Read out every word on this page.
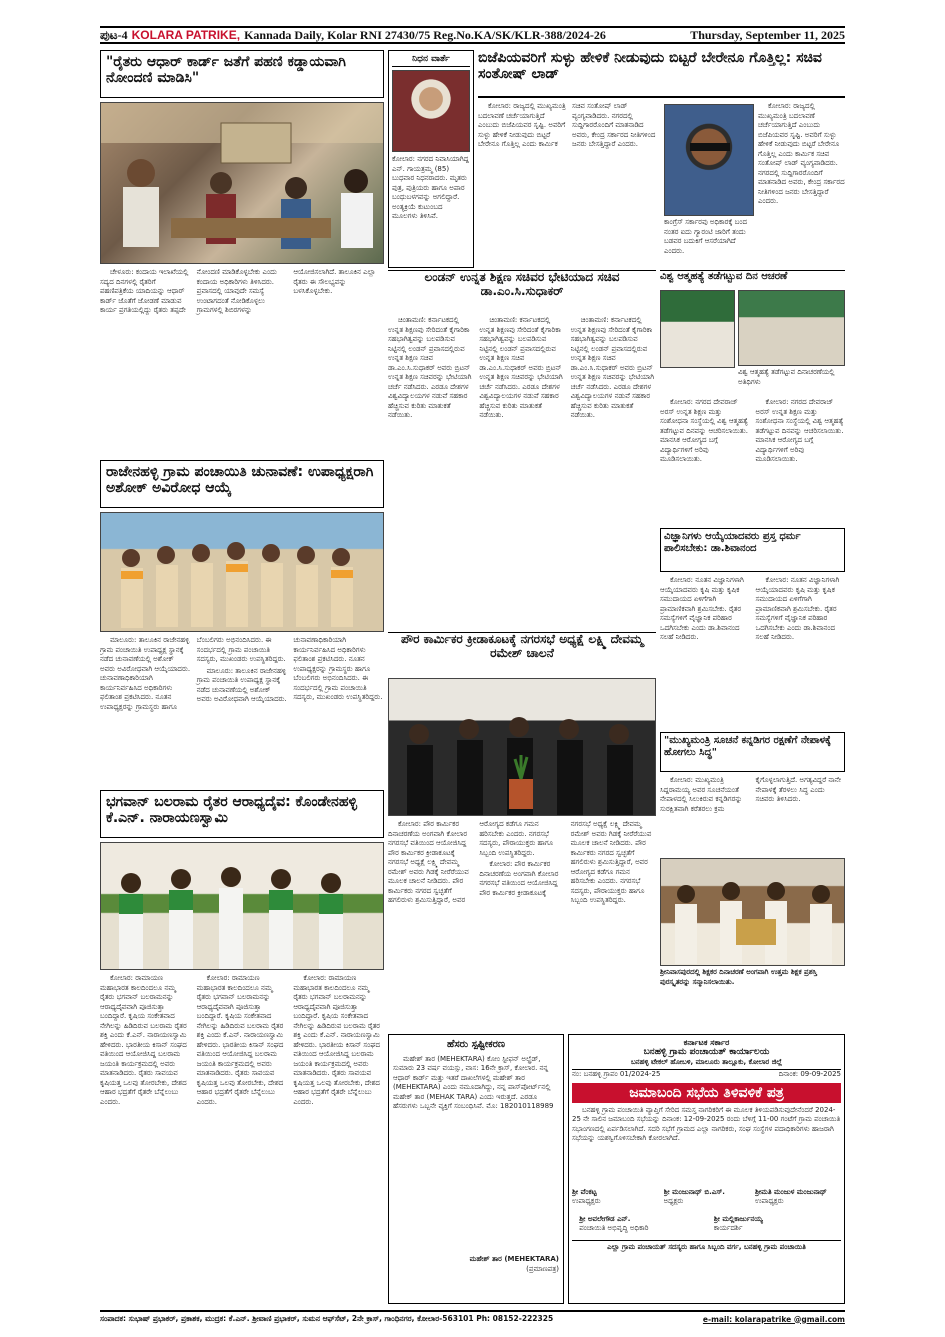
ಪುಟ-4 KOLARA PATRIKE, Kannada Daily, Kolar RNI 27430/75 Reg.No.KA/SK/KLR-388/2024-26	Thursday, September 11, 2025
"ರೈತರು ಆಧಾರ್ ಕಾರ್ಡ್ ಜತೆಗೆ ಪಹಣಿ ಕಡ್ಡಾಯವಾಗಿ ನೋಂದಣಿ ಮಾಡಿಸಿ"

ಚೇಳೂರು: ಕಂದಾಯ ಇಲಾಖೆಯಲ್ಲಿ ಸದ್ಯದ ದಿನಗಳಲ್ಲಿ ರೈತರಿಗೆ ಪಹಣಿಪತ್ರಿಕೆಯ ಯಾದಿಯನ್ನು ಆಧಾರ್ ಕಾರ್ಡ್ ಜೊತೆಗೆ ಜೋಡಣೆ ಮಾಡುವ ಕಾರ್ಯ ಪ್ರಗತಿಯಲ್ಲಿದ್ದು ರೈತರು ತಪ್ಪದೇ ನೋಂದಣಿ ಮಾಡಿಕೊಳ್ಳಬೇಕು ಎಂದು ಕಂದಾಯ ಅಧಿಕಾರಿಗಳು ತಿಳಿಸಿದರು. ಪ್ರವಾಸದಲ್ಲಿ ಯಾವುದೇ ಸಮಸ್ಯೆ ಉಂಟಾಗದಂತೆ ನೋಡಿಕೊಳ್ಳಲು ಗ್ರಾಮಗಳಲ್ಲಿ ಶಿಬಿರಗಳನ್ನು ಆಯೋಜಿಸಲಾಗಿದೆ. ತಾಲೂಕಿನ ಎಲ್ಲಾ ರೈತರು ಈ ಸೌಲಭ್ಯವನ್ನು ಬಳಸಿಕೊಳ್ಳಬೇಕು.

ನಿಧನ ವಾರ್ತೆ
ಕೋಲಾರ: ನಗರದ ನಿವಾಸಿಯಾಗಿದ್ದ ಎನ್. ಗಾಯತ್ರಮ್ಮ (85) ಬುಧವಾರ ನಿಧನರಾದರು. ಮೃತರು ಪುತ್ರ, ಪುತ್ರಿಯರು ಹಾಗೂ ಅಪಾರ ಬಂಧುಬಳಗವನ್ನು ಅಗಲಿದ್ದಾರೆ. ಅಂತ್ಯಕ್ರಿಯೆ ಕುಟುಂಬದ ಮೂಲಗಳು ತಿಳಿಸಿವೆ.
ಬಿಜೆಪಿಯವರಿಗೆ ಸುಳ್ಳು ಹೇಳಿಕೆ ನೀಡುವುದು ಬಿಟ್ಟರೆ ಬೇರೇನೂ ಗೊತ್ತಿಲ್ಲ: ಸಚಿವ ಸಂತೋಷ್ ಲಾಡ್

ಕೋಲಾರ: ರಾಜ್ಯದಲ್ಲಿ ಮುಖ್ಯಮಂತ್ರಿ ಬದಲಾವಣೆ ಚರ್ಚೆಯಾಗುತ್ತಿದೆ ಎಂಬುದು ಬಿಜೆಪಿಯವರ ಸೃಷ್ಟಿ. ಅವರಿಗೆ ಸುಳ್ಳು ಹೇಳಿಕೆ ನೀಡುವುದು ಬಿಟ್ಟರೆ ಬೇರೇನೂ ಗೊತ್ತಿಲ್ಲ ಎಂದು ಕಾರ್ಮಿಕ ಸಚಿವ ಸಂತೋಷ್ ಲಾಡ್ ವ್ಯಂಗ್ಯವಾಡಿದರು. ನಗರದಲ್ಲಿ ಸುದ್ದಿಗಾರರೊಂದಿಗೆ ಮಾತನಾಡಿದ ಅವರು, ಕೇಂದ್ರ ಸರ್ಕಾರದ ನೀತಿಗಳಿಂದ ಜನರು ಬೇಸತ್ತಿದ್ದಾರೆ ಎಂದರು.

ಕಾಂಗ್ರೆಸ್ ಸರ್ಕಾರವು ಅಧಿಕಾರಕ್ಕೆ ಬಂದ ನಂತರ ಐದು ಗ್ಯಾರಂಟಿ ಜಾರಿಗೆ ತಂದು ಬಡವರ ಬದುಕಿಗೆ ಆಸರೆಯಾಗಿದೆ ಎಂದರು.

ಕೋಲಾರ: ರಾಜ್ಯದಲ್ಲಿ ಮುಖ್ಯಮಂತ್ರಿ ಬದಲಾವಣೆ ಚರ್ಚೆಯಾಗುತ್ತಿದೆ ಎಂಬುದು ಬಿಜೆಪಿಯವರ ಸೃಷ್ಟಿ. ಅವರಿಗೆ ಸುಳ್ಳು ಹೇಳಿಕೆ ನೀಡುವುದು ಬಿಟ್ಟರೆ ಬೇರೇನೂ ಗೊತ್ತಿಲ್ಲ ಎಂದು ಕಾರ್ಮಿಕ ಸಚಿವ ಸಂತೋಷ್ ಲಾಡ್ ವ್ಯಂಗ್ಯವಾಡಿದರು. ನಗರದಲ್ಲಿ ಸುದ್ದಿಗಾರರೊಂದಿಗೆ ಮಾತನಾಡಿದ ಅವರು, ಕೇಂದ್ರ ಸರ್ಕಾರದ ನೀತಿಗಳಿಂದ ಜನರು ಬೇಸತ್ತಿದ್ದಾರೆ ಎಂದರು.

ಲಂಡನ್ ಉನ್ನತ ಶಿಕ್ಷಣ ಸಚಿವರ ಭೇಟಿಯಾದ ಸಚಿವ ಡಾ.ಎಂ.ಸಿ.ಸುಧಾಕರ್

ಚಿಂತಾಮಣಿ: ಕರ್ನಾಟಕದಲ್ಲಿ ಉನ್ನತ ಶಿಕ್ಷಣವು ಸೇರಿದಂತೆ ಕೈಗಾರಿಕಾ ಸಹಭಾಗಿತ್ವವನ್ನು ಬಲಪಡಿಸುವ ನಿಟ್ಟಿನಲ್ಲಿ ಲಂಡನ್ ಪ್ರವಾಸದಲ್ಲಿರುವ ಉನ್ನತ ಶಿಕ್ಷಣ ಸಚಿವ ಡಾ.ಎಂ.ಸಿ.ಸುಧಾಕರ್ ಅವರು ಬ್ರಿಟನ್ ಉನ್ನತ ಶಿಕ್ಷಣ ಸಚಿವರನ್ನು ಭೇಟಿಯಾಗಿ ಚರ್ಚೆ ನಡೆಸಿದರು. ಎರಡೂ ದೇಶಗಳ ವಿಶ್ವವಿದ್ಯಾಲಯಗಳ ನಡುವೆ ಸಹಕಾರ ಹೆಚ್ಚಿಸುವ ಕುರಿತು ಮಾತುಕತೆ ನಡೆಯಿತು.

ಚಿಂತಾಮಣಿ: ಕರ್ನಾಟಕದಲ್ಲಿ ಉನ್ನತ ಶಿಕ್ಷಣವು ಸೇರಿದಂತೆ ಕೈಗಾರಿಕಾ ಸಹಭಾಗಿತ್ವವನ್ನು ಬಲಪಡಿಸುವ ನಿಟ್ಟಿನಲ್ಲಿ ಲಂಡನ್ ಪ್ರವಾಸದಲ್ಲಿರುವ ಉನ್ನತ ಶಿಕ್ಷಣ ಸಚಿವ ಡಾ.ಎಂ.ಸಿ.ಸುಧಾಕರ್ ಅವರು ಬ್ರಿಟನ್ ಉನ್ನತ ಶಿಕ್ಷಣ ಸಚಿವರನ್ನು ಭೇಟಿಯಾಗಿ ಚರ್ಚೆ ನಡೆಸಿದರು. ಎರಡೂ ದೇಶಗಳ ವಿಶ್ವವಿದ್ಯಾಲಯಗಳ ನಡುವೆ ಸಹಕಾರ ಹೆಚ್ಚಿಸುವ ಕುರಿತು ಮಾತುಕತೆ ನಡೆಯಿತು.

ಚಿಂತಾಮಣಿ: ಕರ್ನಾಟಕದಲ್ಲಿ ಉನ್ನತ ಶಿಕ್ಷಣವು ಸೇರಿದಂತೆ ಕೈಗಾರಿಕಾ ಸಹಭಾಗಿತ್ವವನ್ನು ಬಲಪಡಿಸುವ ನಿಟ್ಟಿನಲ್ಲಿ ಲಂಡನ್ ಪ್ರವಾಸದಲ್ಲಿರುವ ಉನ್ನತ ಶಿಕ್ಷಣ ಸಚಿವ ಡಾ.ಎಂ.ಸಿ.ಸುಧಾಕರ್ ಅವರು ಬ್ರಿಟನ್ ಉನ್ನತ ಶಿಕ್ಷಣ ಸಚಿವರನ್ನು ಭೇಟಿಯಾಗಿ ಚರ್ಚೆ ನಡೆಸಿದರು. ಎರಡೂ ದೇಶಗಳ ವಿಶ್ವವಿದ್ಯಾಲಯಗಳ ನಡುವೆ ಸಹಕಾರ ಹೆಚ್ಚಿಸುವ ಕುರಿತು ಮಾತುಕತೆ ನಡೆಯಿತು.

ವಿಶ್ವ ಆತ್ಮಹತ್ಯೆ ತಡೆಗಟ್ಟುವ ದಿನ ಆಚರಣೆ
ವಿಶ್ವ ಆತ್ಮಹತ್ಯೆ ತಡೆಗಟ್ಟುವ ದಿನಾಚರಣೆಯಲ್ಲಿ ಅತಿಥಿಗಳು

ಕೋಲಾರ: ನಗರದ ದೇವರಾಜ್ ಅರಸ್ ಉನ್ನತ ಶಿಕ್ಷಣ ಮತ್ತು ಸಂಶೋಧನಾ ಸಂಸ್ಥೆಯಲ್ಲಿ ವಿಶ್ವ ಆತ್ಮಹತ್ಯೆ ತಡೆಗಟ್ಟುವ ದಿನವನ್ನು ಆಚರಿಸಲಾಯಿತು. ಮಾನಸಿಕ ಆರೋಗ್ಯದ ಬಗ್ಗೆ ವಿದ್ಯಾರ್ಥಿಗಳಿಗೆ ಅರಿವು ಮೂಡಿಸಲಾಯಿತು.

ಕೋಲಾರ: ನಗರದ ದೇವರಾಜ್ ಅರಸ್ ಉನ್ನತ ಶಿಕ್ಷಣ ಮತ್ತು ಸಂಶೋಧನಾ ಸಂಸ್ಥೆಯಲ್ಲಿ ವಿಶ್ವ ಆತ್ಮಹತ್ಯೆ ತಡೆಗಟ್ಟುವ ದಿನವನ್ನು ಆಚರಿಸಲಾಯಿತು. ಮಾನಸಿಕ ಆರೋಗ್ಯದ ಬಗ್ಗೆ ವಿದ್ಯಾರ್ಥಿಗಳಿಗೆ ಅರಿವು ಮೂಡಿಸಲಾಯಿತು.

ರಾಜೇನಹಳ್ಳಿ ಗ್ರಾಮ ಪಂಚಾಯಿತಿ ಚುನಾವಣೆ: ಉಪಾಧ್ಯಕ್ಷರಾಗಿ ಅಶೋಕ್ ಅವಿರೋಧ ಆಯ್ಕೆ

ಮಾಲೂರು: ತಾಲೂಕಿನ ರಾಜೇನಹಳ್ಳಿ ಗ್ರಾಮ ಪಂಚಾಯಿತಿ ಉಪಾಧ್ಯಕ್ಷ ಸ್ಥಾನಕ್ಕೆ ನಡೆದ ಚುನಾವಣೆಯಲ್ಲಿ ಅಶೋಕ್ ಅವರು ಅವಿರೋಧವಾಗಿ ಆಯ್ಕೆಯಾದರು. ಚುನಾವಣಾಧಿಕಾರಿಯಾಗಿ ಕಾರ್ಯನಿರ್ವಹಿಸಿದ ಅಧಿಕಾರಿಗಳು ಫಲಿತಾಂಶ ಪ್ರಕಟಿಸಿದರು. ನೂತನ ಉಪಾಧ್ಯಕ್ಷರನ್ನು ಗ್ರಾಮಸ್ಥರು ಹಾಗೂ ಬೆಂಬಲಿಗರು ಅಭಿನಂದಿಸಿದರು. ಈ ಸಂದರ್ಭದಲ್ಲಿ ಗ್ರಾಮ ಪಂಚಾಯಿತಿ ಸದಸ್ಯರು, ಮುಖಂಡರು ಉಪಸ್ಥಿತರಿದ್ದರು.

ಮಾಲೂರು: ತಾಲೂಕಿನ ರಾಜೇನಹಳ್ಳಿ ಗ್ರಾಮ ಪಂಚಾಯಿತಿ ಉಪಾಧ್ಯಕ್ಷ ಸ್ಥಾನಕ್ಕೆ ನಡೆದ ಚುನಾವಣೆಯಲ್ಲಿ ಅಶೋಕ್ ಅವರು ಅವಿರೋಧವಾಗಿ ಆಯ್ಕೆಯಾದರು. ಚುನಾವಣಾಧಿಕಾರಿಯಾಗಿ ಕಾರ್ಯನಿರ್ವಹಿಸಿದ ಅಧಿಕಾರಿಗಳು ಫಲಿತಾಂಶ ಪ್ರಕಟಿಸಿದರು. ನೂತನ ಉಪಾಧ್ಯಕ್ಷರನ್ನು ಗ್ರಾಮಸ್ಥರು ಹಾಗೂ ಬೆಂಬಲಿಗರು ಅಭಿನಂದಿಸಿದರು. ಈ ಸಂದರ್ಭದಲ್ಲಿ ಗ್ರಾಮ ಪಂಚಾಯಿತಿ ಸದಸ್ಯರು, ಮುಖಂಡರು ಉಪಸ್ಥಿತರಿದ್ದರು.

ವಿಜ್ಞಾನಿಗಳು ಆಯ್ಕೆಯಾದವರು ಪ್ರಸ್ತ ಧರ್ಮ ಪಾಲಿಸಬೇಕು: ಡಾ.ಶಿವಾನಂದ

ಕೋಲಾರ: ನೂತನ ವಿಜ್ಞಾನಿಗಳಾಗಿ ಆಯ್ಕೆಯಾದವರು ಕೃಷಿ ಮತ್ತು ಕೃಷಿಕ ಸಮುದಾಯದ ಏಳಿಗೆಗಾಗಿ ಪ್ರಾಮಾಣಿಕವಾಗಿ ಶ್ರಮಿಸಬೇಕು. ರೈತರ ಸಮಸ್ಯೆಗಳಿಗೆ ವೈಜ್ಞಾನಿಕ ಪರಿಹಾರ ಒದಗಿಸಬೇಕು ಎಂದು ಡಾ.ಶಿವಾನಂದ ಸಲಹೆ ನೀಡಿದರು.

ಕೋಲಾರ: ನೂತನ ವಿಜ್ಞಾನಿಗಳಾಗಿ ಆಯ್ಕೆಯಾದವರು ಕೃಷಿ ಮತ್ತು ಕೃಷಿಕ ಸಮುದಾಯದ ಏಳಿಗೆಗಾಗಿ ಪ್ರಾಮಾಣಿಕವಾಗಿ ಶ್ರಮಿಸಬೇಕು. ರೈತರ ಸಮಸ್ಯೆಗಳಿಗೆ ವೈಜ್ಞಾನಿಕ ಪರಿಹಾರ ಒದಗಿಸಬೇಕು ಎಂದು ಡಾ.ಶಿವಾನಂದ ಸಲಹೆ ನೀಡಿದರು.

ಪೌರ ಕಾರ್ಮಿಕರ ಕ್ರೀಡಾಕೂಟಕ್ಕೆ ನಗರಸಭೆ ಅಧ್ಯಕ್ಷೆ ಲಕ್ಷ್ಮಿ ದೇವಮ್ಮ ರಮೇಶ್ ಚಾಲನೆ

ಕೋಲಾರ: ಪೌರ ಕಾರ್ಮಿಕರ ದಿನಾಚರಣೆಯ ಅಂಗವಾಗಿ ಕೋಲಾರ ನಗರಸಭೆ ವತಿಯಿಂದ ಆಯೋಜಿಸಿದ್ದ ಪೌರ ಕಾರ್ಮಿಕರ ಕ್ರೀಡಾಕೂಟಕ್ಕೆ ನಗರಸಭೆ ಅಧ್ಯಕ್ಷೆ ಲಕ್ಷ್ಮಿ ದೇವಮ್ಮ ರಮೇಶ್ ಅವರು ಗಿಡಕ್ಕೆ ನೀರೆರೆಯುವ ಮೂಲಕ ಚಾಲನೆ ನೀಡಿದರು. ಪೌರ ಕಾರ್ಮಿಕರು ನಗರದ ಸ್ವಚ್ಛತೆಗೆ ಹಗಲಿರುಳು ಶ್ರಮಿಸುತ್ತಿದ್ದಾರೆ, ಅವರ ಆರೋಗ್ಯದ ಕಡೆಗೂ ಗಮನ ಹರಿಸಬೇಕು ಎಂದರು. ನಗರಸಭೆ ಸದಸ್ಯರು, ಪೌರಾಯುಕ್ತರು ಹಾಗೂ ಸಿಬ್ಬಂದಿ ಉಪಸ್ಥಿತರಿದ್ದರು.

ಕೋಲಾರ: ಪೌರ ಕಾರ್ಮಿಕರ ದಿನಾಚರಣೆಯ ಅಂಗವಾಗಿ ಕೋಲಾರ ನಗರಸಭೆ ವತಿಯಿಂದ ಆಯೋಜಿಸಿದ್ದ ಪೌರ ಕಾರ್ಮಿಕರ ಕ್ರೀಡಾಕೂಟಕ್ಕೆ ನಗರಸಭೆ ಅಧ್ಯಕ್ಷೆ ಲಕ್ಷ್ಮಿ ದೇವಮ್ಮ ರಮೇಶ್ ಅವರು ಗಿಡಕ್ಕೆ ನೀರೆರೆಯುವ ಮೂಲಕ ಚಾಲನೆ ನೀಡಿದರು. ಪೌರ ಕಾರ್ಮಿಕರು ನಗರದ ಸ್ವಚ್ಛತೆಗೆ ಹಗಲಿರುಳು ಶ್ರಮಿಸುತ್ತಿದ್ದಾರೆ, ಅವರ ಆರೋಗ್ಯದ ಕಡೆಗೂ ಗಮನ ಹರಿಸಬೇಕು ಎಂದರು. ನಗರಸಭೆ ಸದಸ್ಯರು, ಪೌರಾಯುಕ್ತರು ಹಾಗೂ ಸಿಬ್ಬಂದಿ ಉಪಸ್ಥಿತರಿದ್ದರು.

"ಮುಖ್ಯಮಂತ್ರಿ ಸೂಚನೆ ಕನ್ನಡಿಗರ ರಕ್ಷಣೆಗೆ ನೇಪಾಳಕ್ಕೆ ಹೋಗಲು ಸಿದ್ಧ"

ಕೋಲಾರ: ಮುಖ್ಯಮಂತ್ರಿ ಸಿದ್ದರಾಮಯ್ಯ ಅವರ ಸೂಚನೆಯಂತೆ ನೇಪಾಳದಲ್ಲಿ ಸಿಲುಕಿರುವ ಕನ್ನಡಿಗರನ್ನು ಸುರಕ್ಷಿತವಾಗಿ ಕರೆತರಲು ಕ್ರಮ ಕೈಗೊಳ್ಳಲಾಗುತ್ತಿದೆ. ಅಗತ್ಯವಿದ್ದರೆ ನಾನೇ ನೇಪಾಳಕ್ಕೆ ತೆರಳಲು ಸಿದ್ಧ ಎಂದು ಸಚಿವರು ತಿಳಿಸಿದರು.

ಶ್ರೀನಿವಾಸಪುರದಲ್ಲಿ ಶಿಕ್ಷಕರ ದಿನಾಚರಣೆ ಅಂಗವಾಗಿ ಉತ್ತಮ ಶಿಕ್ಷಕ ಪ್ರಶಸ್ತಿ ಪುರಸ್ಕೃತರನ್ನು ಸನ್ಮಾನಿಸಲಾಯಿತು.
ಭಗವಾನ್ ಬಲರಾಮ ರೈತರ ಆರಾಧ್ಯದೈವ: ಕೊಂಡೇನಹಳ್ಳಿ ಕೆ.ಎನ್. ನಾರಾಯಣಸ್ವಾಮಿ

ಕೋಲಾರ: ರಾಮಾಯಣ ಮಹಾಭಾರತ ಕಾಲದಿಂದಲೂ ನಮ್ಮ ರೈತರು ಭಗವಾನ್ ಬಲರಾಮನನ್ನು ಆರಾಧ್ಯದೈವವಾಗಿ ಪೂಜಿಸುತ್ತಾ ಬಂದಿದ್ದಾರೆ. ಕೃಷಿಯ ಸಂಕೇತವಾದ ನೇಗಿಲನ್ನು ಹಿಡಿದಿರುವ ಬಲರಾಮ ರೈತರ ಶಕ್ತಿ ಎಂದು ಕೆ.ಎನ್. ನಾರಾಯಣಸ್ವಾಮಿ ಹೇಳಿದರು. ಭಾರತೀಯ ಕಿಸಾನ್ ಸಂಘದ ವತಿಯಿಂದ ಆಯೋಜಿಸಿದ್ದ ಬಲರಾಮ ಜಯಂತಿ ಕಾರ್ಯಕ್ರಮದಲ್ಲಿ ಅವರು ಮಾತನಾಡಿದರು. ರೈತರು ಸಾವಯವ ಕೃಷಿಯತ್ತ ಒಲವು ತೋರಬೇಕು, ದೇಶದ ಆಹಾರ ಭದ್ರತೆಗೆ ರೈತರೇ ಬೆನ್ನೆಲುಬು ಎಂದರು.

ಕೋಲಾರ: ರಾಮಾಯಣ ಮಹಾಭಾರತ ಕಾಲದಿಂದಲೂ ನಮ್ಮ ರೈತರು ಭಗವಾನ್ ಬಲರಾಮನನ್ನು ಆರಾಧ್ಯದೈವವಾಗಿ ಪೂಜಿಸುತ್ತಾ ಬಂದಿದ್ದಾರೆ. ಕೃಷಿಯ ಸಂಕೇತವಾದ ನೇಗಿಲನ್ನು ಹಿಡಿದಿರುವ ಬಲರಾಮ ರೈತರ ಶಕ್ತಿ ಎಂದು ಕೆ.ಎನ್. ನಾರಾಯಣಸ್ವಾಮಿ ಹೇಳಿದರು. ಭಾರತೀಯ ಕಿಸಾನ್ ಸಂಘದ ವತಿಯಿಂದ ಆಯೋಜಿಸಿದ್ದ ಬಲರಾಮ ಜಯಂತಿ ಕಾರ್ಯಕ್ರಮದಲ್ಲಿ ಅವರು ಮಾತನಾಡಿದರು. ರೈತರು ಸಾವಯವ ಕೃಷಿಯತ್ತ ಒಲವು ತೋರಬೇಕು, ದೇಶದ ಆಹಾರ ಭದ್ರತೆಗೆ ರೈತರೇ ಬೆನ್ನೆಲುಬು ಎಂದರು.

ಕೋಲಾರ: ರಾಮಾಯಣ ಮಹಾಭಾರತ ಕಾಲದಿಂದಲೂ ನಮ್ಮ ರೈತರು ಭಗವಾನ್ ಬಲರಾಮನನ್ನು ಆರಾಧ್ಯದೈವವಾಗಿ ಪೂಜಿಸುತ್ತಾ ಬಂದಿದ್ದಾರೆ. ಕೃಷಿಯ ಸಂಕೇತವಾದ ನೇಗಿಲನ್ನು ಹಿಡಿದಿರುವ ಬಲರಾಮ ರೈತರ ಶಕ್ತಿ ಎಂದು ಕೆ.ಎನ್. ನಾರಾಯಣಸ್ವಾಮಿ ಹೇಳಿದರು. ಭಾರತೀಯ ಕಿಸಾನ್ ಸಂಘದ ವತಿಯಿಂದ ಆಯೋಜಿಸಿದ್ದ ಬಲರಾಮ ಜಯಂತಿ ಕಾರ್ಯಕ್ರಮದಲ್ಲಿ ಅವರು ಮಾತನಾಡಿದರು. ರೈತರು ಸಾವಯವ ಕೃಷಿಯತ್ತ ಒಲವು ತೋರಬೇಕು, ದೇಶದ ಆಹಾರ ಭದ್ರತೆಗೆ ರೈತರೇ ಬೆನ್ನೆಲುಬು ಎಂದರು.

ಹೆಸರು ಸ್ಪಷ್ಟೀಕರಣ
ಮಹೇಶ್ ತಾರ (MEHEKTARA) ಕೋಂ ಸ್ಟೀಫನ್ ಅಲ್ಫ್ರೆಡ್, ಸುಮಾರು 23 ವರ್ಷ ವಯಸ್ಸು, ವಾಸ: 16ನೇ ಕ್ರಾಸ್, ಕೋಲಾರ. ನನ್ನ ಆಧಾರ್ ಕಾರ್ಡ್ ಮತ್ತು ಇತರೆ ದಾಖಲೆಗಳಲ್ಲಿ ಮಹೇಶ್ ತಾರ (MEHEKTARA) ಎಂದು ನಮೂದಾಗಿದ್ದು, ನನ್ನ ಪಾಸ್‌ಪೋರ್ಟ್‌ನಲ್ಲಿ ಮಹೇಕ್ ತಾರ (MEHAK TARA) ಎಂದು ಇರುತ್ತದೆ. ಎರಡೂ ಹೆಸರುಗಳು ಒಬ್ಬನೇ ವ್ಯಕ್ತಿಗೆ ಸಂಬಂಧಿಸಿವೆ. ಮೊ: 182010118989
ಮಹೇಶ್ ತಾರ (MEHEKTARA)
(ಪ್ರಮಾಣಪತ್ರ)
ಕರ್ನಾಟಕ ಸರ್ಕಾರ
ಬನಹಳ್ಳಿ ಗ್ರಾಮ ಪಂಚಾಯತ್ ಕಾರ್ಯಾಲಯ
ಬನಹಳ್ಳಿ ಟೇಕಲ್ ಹೋಬಳಿ, ಮಾಲೂರು ತಾಲ್ಲೂಕು, ಕೋಲಾರ ಜಿಲ್ಲೆ
ನಂ: ಬನಹಳ್ಳಿ ಗ್ರಾಪಂ 01/2024-25	ದಿನಾಂಕ: 09-09-2025
ಜಮಾಬಂದಿ ಸಭೆಯ ತಿಳಿವಳಿಕೆ ಪತ್ರ
ಬನಹಳ್ಳಿ ಗ್ರಾಮ ಪಂಚಾಯಿತಿ ವ್ಯಾಪ್ತಿಗೆ ಸೇರಿದ ಸಮಸ್ತ ನಾಗರಿಕರಿಗೆ ಈ ಮೂಲಕ ತಿಳಿಯಪಡಿಸುವುದೇನೆಂದರೆ 2024-25 ನೇ ಸಾಲಿನ ಜಮಾಬಂದಿ ಸಭೆಯನ್ನು ದಿನಾಂಕ: 12-09-2025 ರಂದು ಬೆಳಿಗ್ಗೆ 11-00 ಗಂಟೆಗೆ ಗ್ರಾಮ ಪಂಚಾಯಿತಿ ಸಭಾಂಗಣದಲ್ಲಿ ಏರ್ಪಡಿಸಲಾಗಿದೆ. ಸದರಿ ಸಭೆಗೆ ಗ್ರಾಮದ ಎಲ್ಲಾ ನಾಗರಿಕರು, ಸಂಘ ಸಂಸ್ಥೆಗಳ ಪದಾಧಿಕಾರಿಗಳು ಹಾಜರಾಗಿ ಸಭೆಯನ್ನು ಯಶಸ್ವಿಗೊಳಿಸಬೇಕಾಗಿ ಕೋರಲಾಗಿದೆ.
ಶ್ರೀ ವೆಂಕಟ್ಟ
ಉಪಾಧ್ಯಕ್ಷರು
ಶ್ರೀ ಮಂಜುನಾಥ್ ಬಿ.ಎಸ್.
ಅಧ್ಯಕ್ಷರು
ಶ್ರೀಮತಿ ಮಂಜುಳ ಮಂಜುನಾಥ್
ಉಪಾಧ್ಯಕ್ಷರು
ಶ್ರೀ ಅವಲೇಗೌಡ ಎನ್.
ಪಂಚಾಯಿತಿ ಅಭಿವೃದ್ಧಿ ಅಧಿಕಾರಿ
ಶ್ರೀ ಮಲ್ಲಿಕಾರ್ಜುನಯ್ಯ
ಕಾರ್ಯದರ್ಶಿ
ಎಲ್ಲಾ ಗ್ರಾಮ ಪಂಚಾಯತ್ ಸದಸ್ಯರು ಹಾಗೂ ಸಿಬ್ಬಂದಿ ವರ್ಗ, ಬನಹಳ್ಳಿ ಗ್ರಾಮ ಪಂಚಾಯಿತಿ
ಸಂಪಾದಕ: ಸುಭಾಷ್ ಪ್ರಭಾಕರ್, ಪ್ರಕಾಶಕ, ಮುದ್ರಕ: ಕೆ.ಎನ್. ಶ್ರೀವಾಣಿ ಪ್ರಭಾಕರ್, ಸುಮನ ಆಫ್‌ಸೆಟ್, 2ನೇ ಕ್ರಾಸ್, ಗಾಂಧಿನಗರ, ಕೋಲಾರ-563101 Ph: 08152-222325	e-mail: kolarapatrike @gmail.com
